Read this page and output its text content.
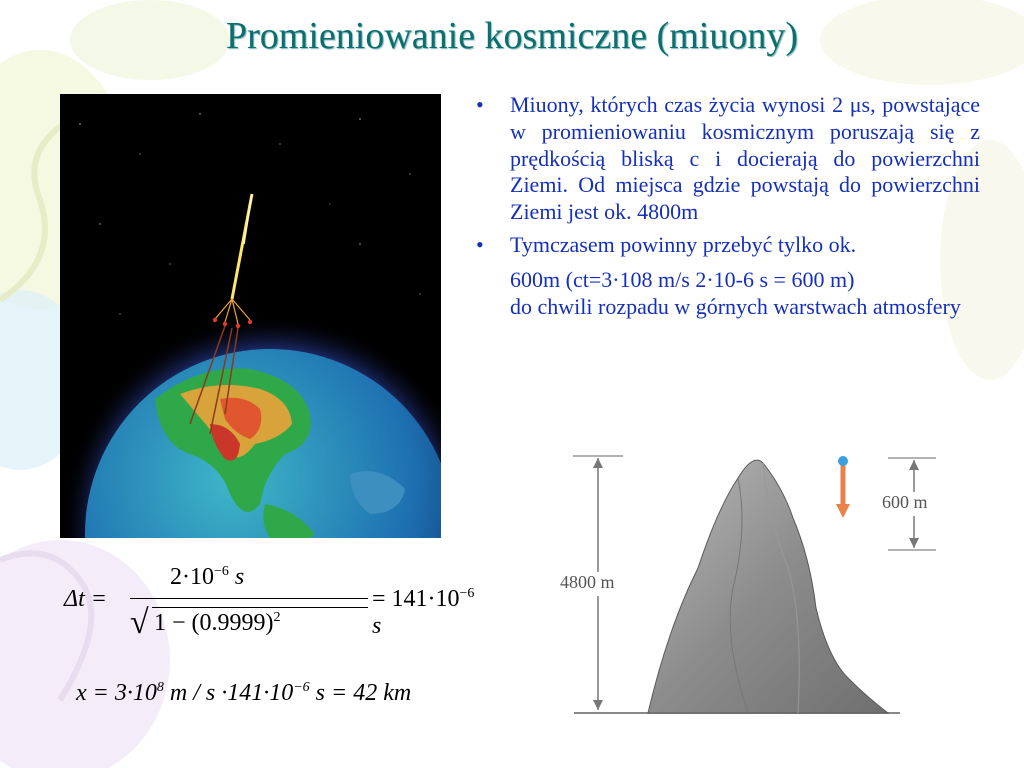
Promieniowanie kosmiczne (miuony)
•	Miuony, których czas życia wynosi 2 μs, powstające w promieniowaniu kosmicznym poruszają się z prędkością bliską c i docierają do powierzchni Ziemi. Od miejsca gdzie powstają do powierzchni Ziemi jest ok. 4800m
•	Tymczasem powinny przebyć tylko ok.
600m (ct=3·108 m/s 2·10-6 s = 600 m)
do chwili rozpadu w górnych warstwach atmosfery
Δt =
$2\cdot 10^{-6}$ s
√ $1 - (0.9999)^2$
= $141\cdot 10^{-6}$ s
$x = 3\cdot 10^8$ $m / s \cdot 141\cdot 10^{-6}$ s = 42 km
4800 m
600 m
